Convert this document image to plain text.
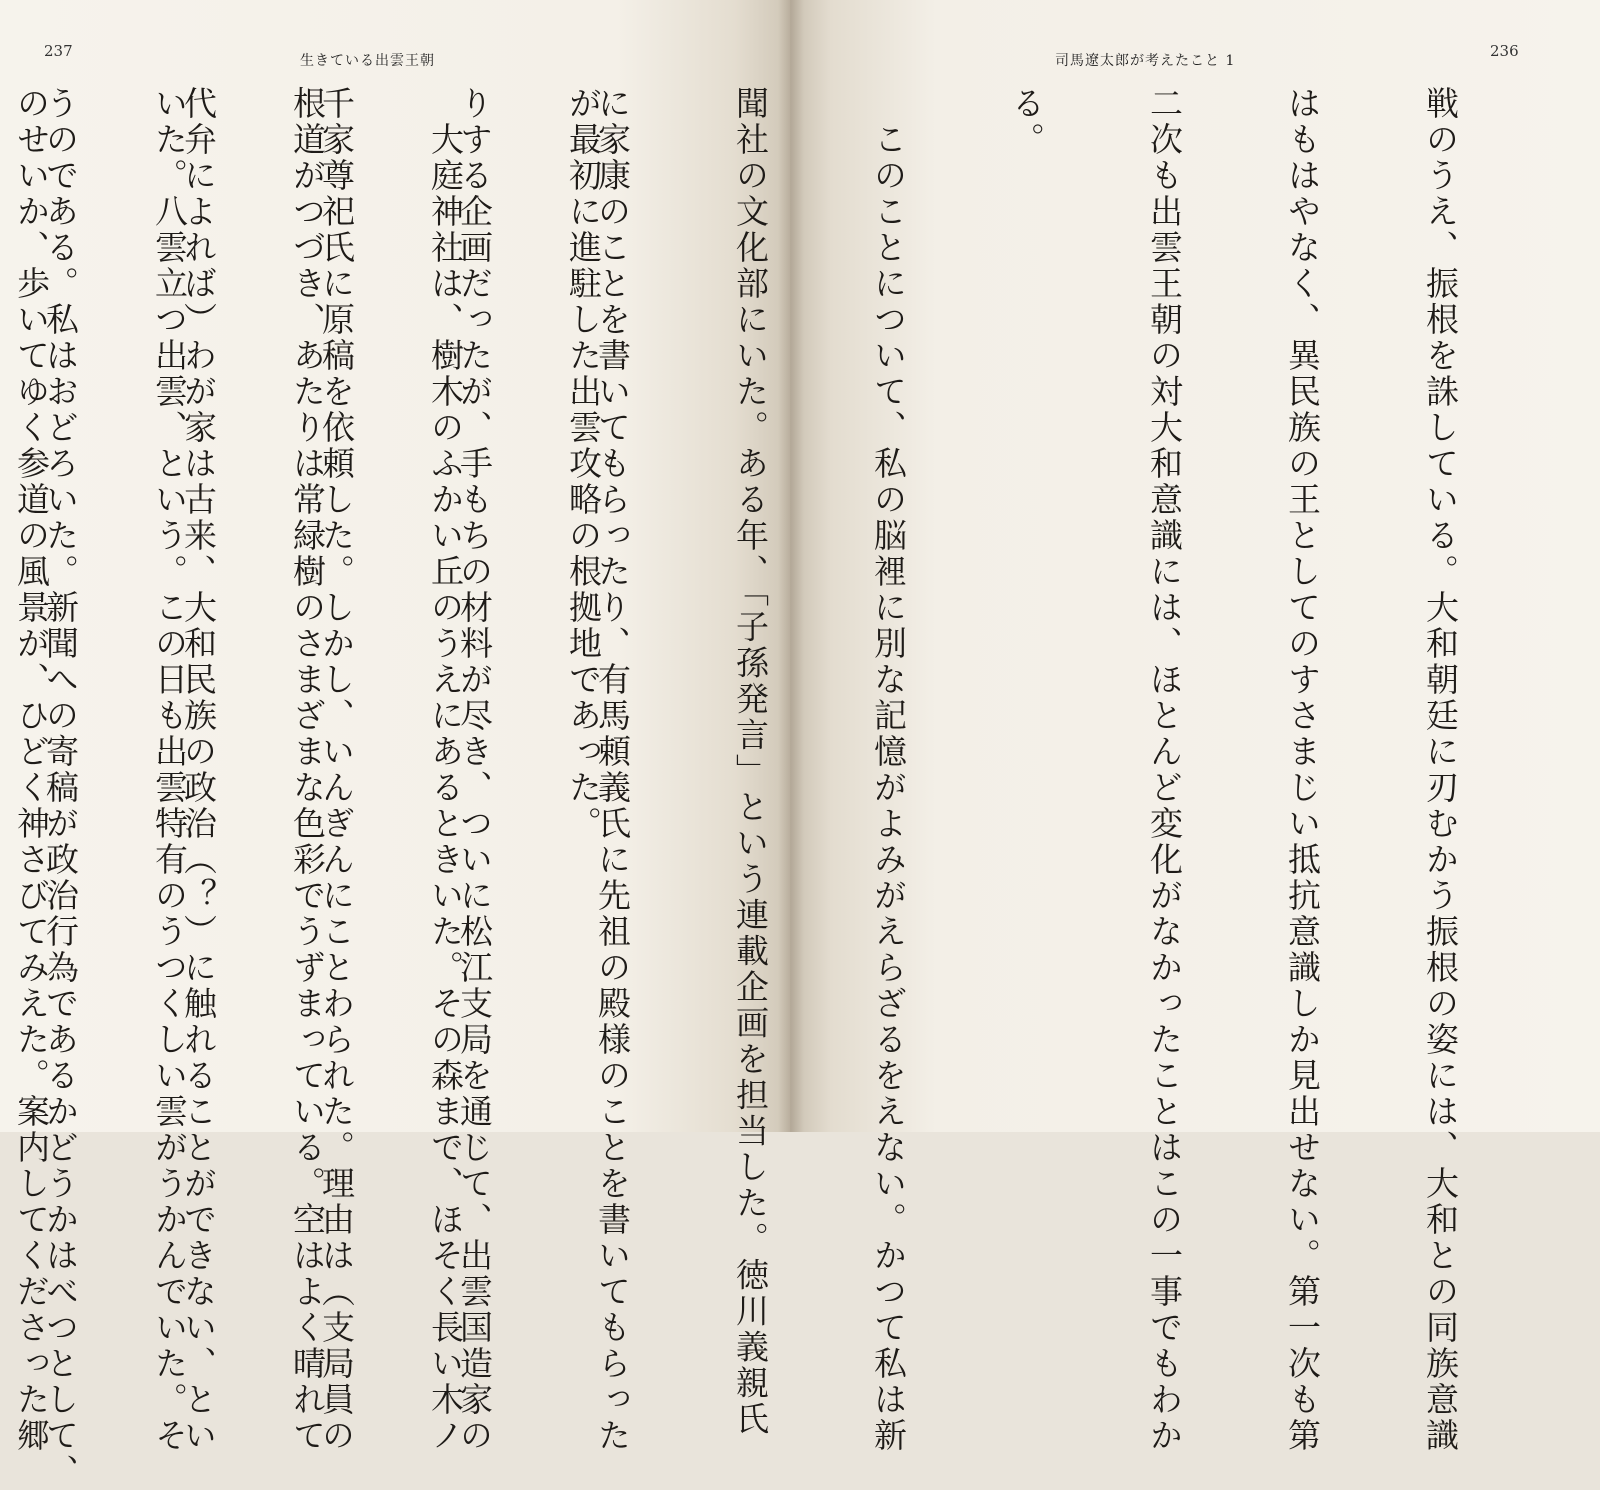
237
生きている出雲王朝

が最初に進駐した出雲攻略の根拠地であった。

　大庭神社は、樹木のふかい丘のうえにあるときいた。その森まで、ほそく長い木ノ

根道がつづき、あたりは常緑樹のさまざまな色彩でうずまっている。空はよく晴れて

いた。八雲立つ出雲、という。この日も出雲特有のうつくしい雲がうかんでいた。そ

のせいか、歩いてゆく参道の風景が、ひどく神さびてみえた。案内してくださった郷

司馬遼太郎が考えたこと 1
236

戦のうえ、振根を誅している。大和朝廷に刃むかう振根の姿には、大和との同族意識

はもはやなく、異民族の王としてのすさまじい抵抗意識しか見出せない。第一次も第

二次も出雲王朝の対大和意識には、ほとんど変化がなかったことはこの一事でもわか

る。

　このことについて、私の脳裡に別な記憶がよみがえらざるをえない。かつて私は新

聞社の文化部にいた。ある年、「子孫発言」という連載企画を担当した。徳川義親氏

に家康のことを書いてもらったり、有馬頼義氏に先祖の殿様のことを書いてもらった

りする企画だったが、手もちの材料が尽き、ついに松江支局を通じて、出雲国造家の

千家尊祀氏に原稿を依頼した。しかし、いんぎんにことわられた。理由は（支局員の

代弁によれば）わが家は古来、大和民族の政治（？）に触れることができない、とい

うのである。私はおどろいた。新聞への寄稿が政治行為であるかどうかはべつとして、
